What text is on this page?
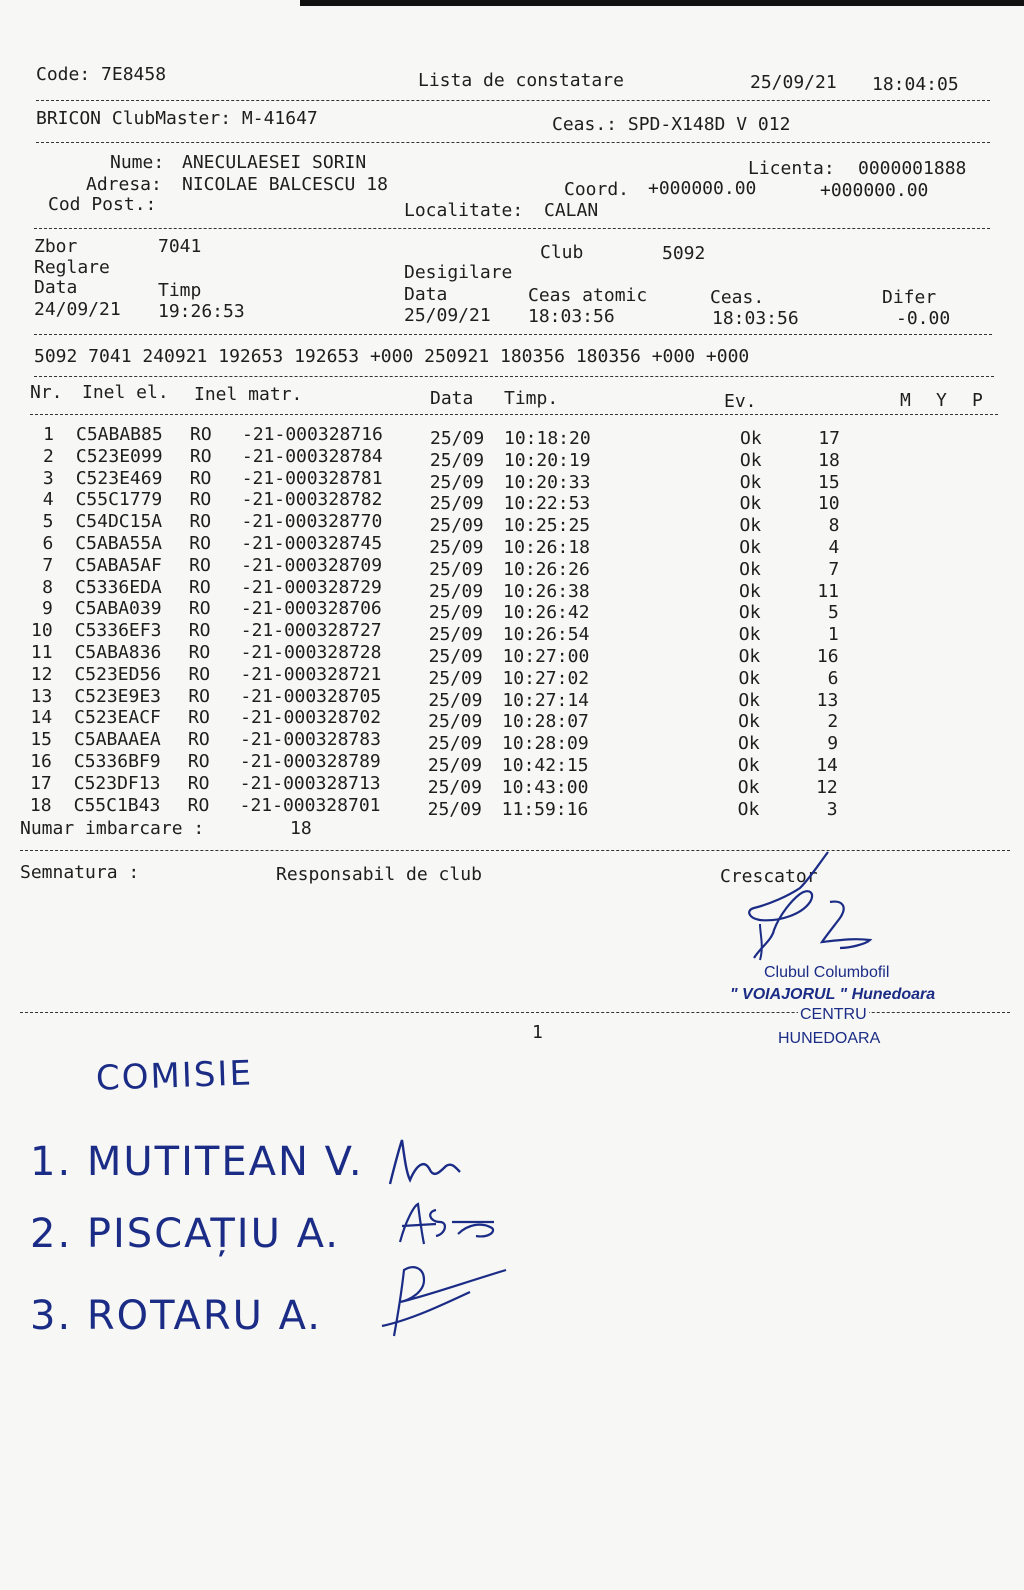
Code: 7E8458	Lista de constatare	25/09/21 18:04:05
BRICON ClubMaster: M-41647	Ceas.: SPD-X148D V 012
Nume: ANECULAESEI SORIN	Licenta: 0000001888
Adresa: NICOLAE BALCESCU 18	Coord. +000000.00	+000000.00
Cod Post.:	Localitate: CALAN
Zbor	7041	Club	5092
Reglare	Desigilare
Data	Timp	Data	Ceas atomic	Ceas.	Difer
24/09/21 19:26:53	25/09/21 18:03:56	18:03:56	-0.00
5092 7041 240921 192653 192653 +000 250921 180356 180356 +000 +000
Nr. Inel el. Inel matr.	Data Timp.	Ev.	M Y P
1 C5ABAB85 RO -21-000328716	25/09 10:18:20	Ok	17
2 C523E099 RO -21-000328784	25/09 10:20:19	Ok	18
3 C523E469 RO -21-000328781	25/09 10:20:33	Ok	15
4 C55C1779 RO -21-000328782	25/09 10:22:53	Ok	10
5 C54DC15A RO -21-000328770	25/09 10:25:25	Ok	8
6 C5ABA55A RO -21-000328745	25/09 10:26:18	Ok	4
7 C5ABA5AF RO -21-000328709	25/09 10:26:26	Ok	7
8 C5336EDA RO -21-000328729	25/09 10:26:38	Ok	11
9 C5ABA039 RO -21-000328706	25/09 10:26:42	Ok	5
10 C5336EF3 RO -21-000328727	25/09 10:26:54	Ok	1
11 C5ABA836 RO -21-000328728	25/09 10:27:00	Ok	16
12 C523ED56 RO -21-000328721	25/09 10:27:02	Ok	6
13 C523E9E3 RO -21-000328705	25/09 10:27:14	Ok	13
14 C523EACF RO -21-000328702	25/09 10:28:07	Ok	2
15 C5ABAAEA RO -21-000328783	25/09 10:28:09	Ok	9
16 C5336BF9 RO -21-000328789	25/09 10:42:15	Ok	14
17 C523DF13 RO -21-000328713	25/09 10:43:00	Ok	12
18 C55C1B43 RO -21-000328701	25/09 11:59:16	Ok	3
Numar imbarcare :	18
Semnatura :	Responsabil de club	Crescator
Clubul Columbofil
" VOIAJORUL " Hunedoara
CENTRU
HUNEDOARA
1
COMISIE
1. MUTITEAN V.
2. PISCAȚIU A.
3. ROTARU A.
